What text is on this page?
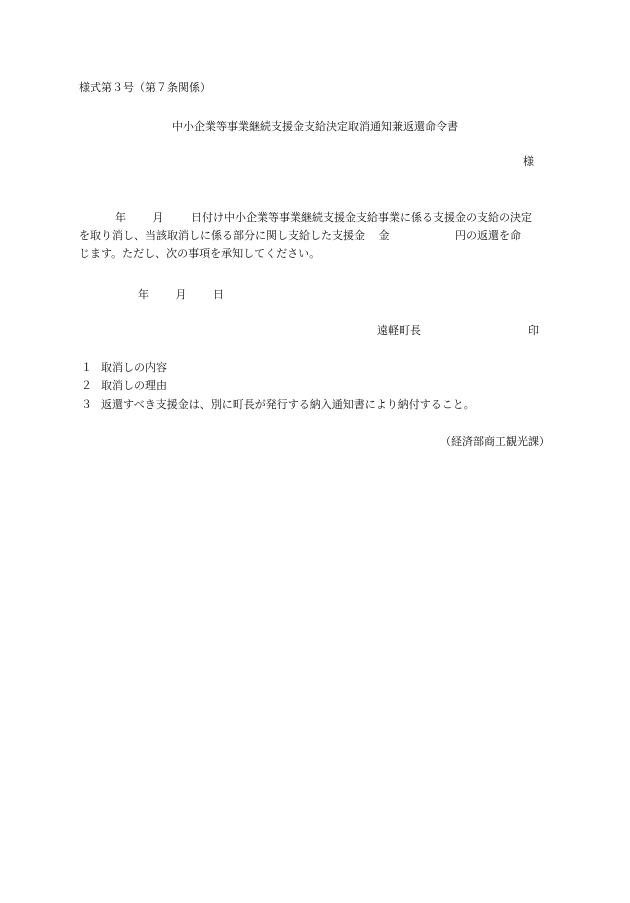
様式第３号（第７条関係）
中小企業等事業継続支援金支給決定取消通知兼返還命令書
様
年 月	日付け中小企業等事業継続支援金支給事業に係る支援金の支給の決定
を取り消し、当該取消しに係る部分に関し支給した支援金 金	円の返還を命
じます。ただし、次の事項を承知してください。
年 月 日
遠軽町長	印
１ 取消しの内容
２ 取消しの理由
３ 返還すべき支援金は、別に町長が発行する納入通知書により納付すること。
（経済部商工観光課）
